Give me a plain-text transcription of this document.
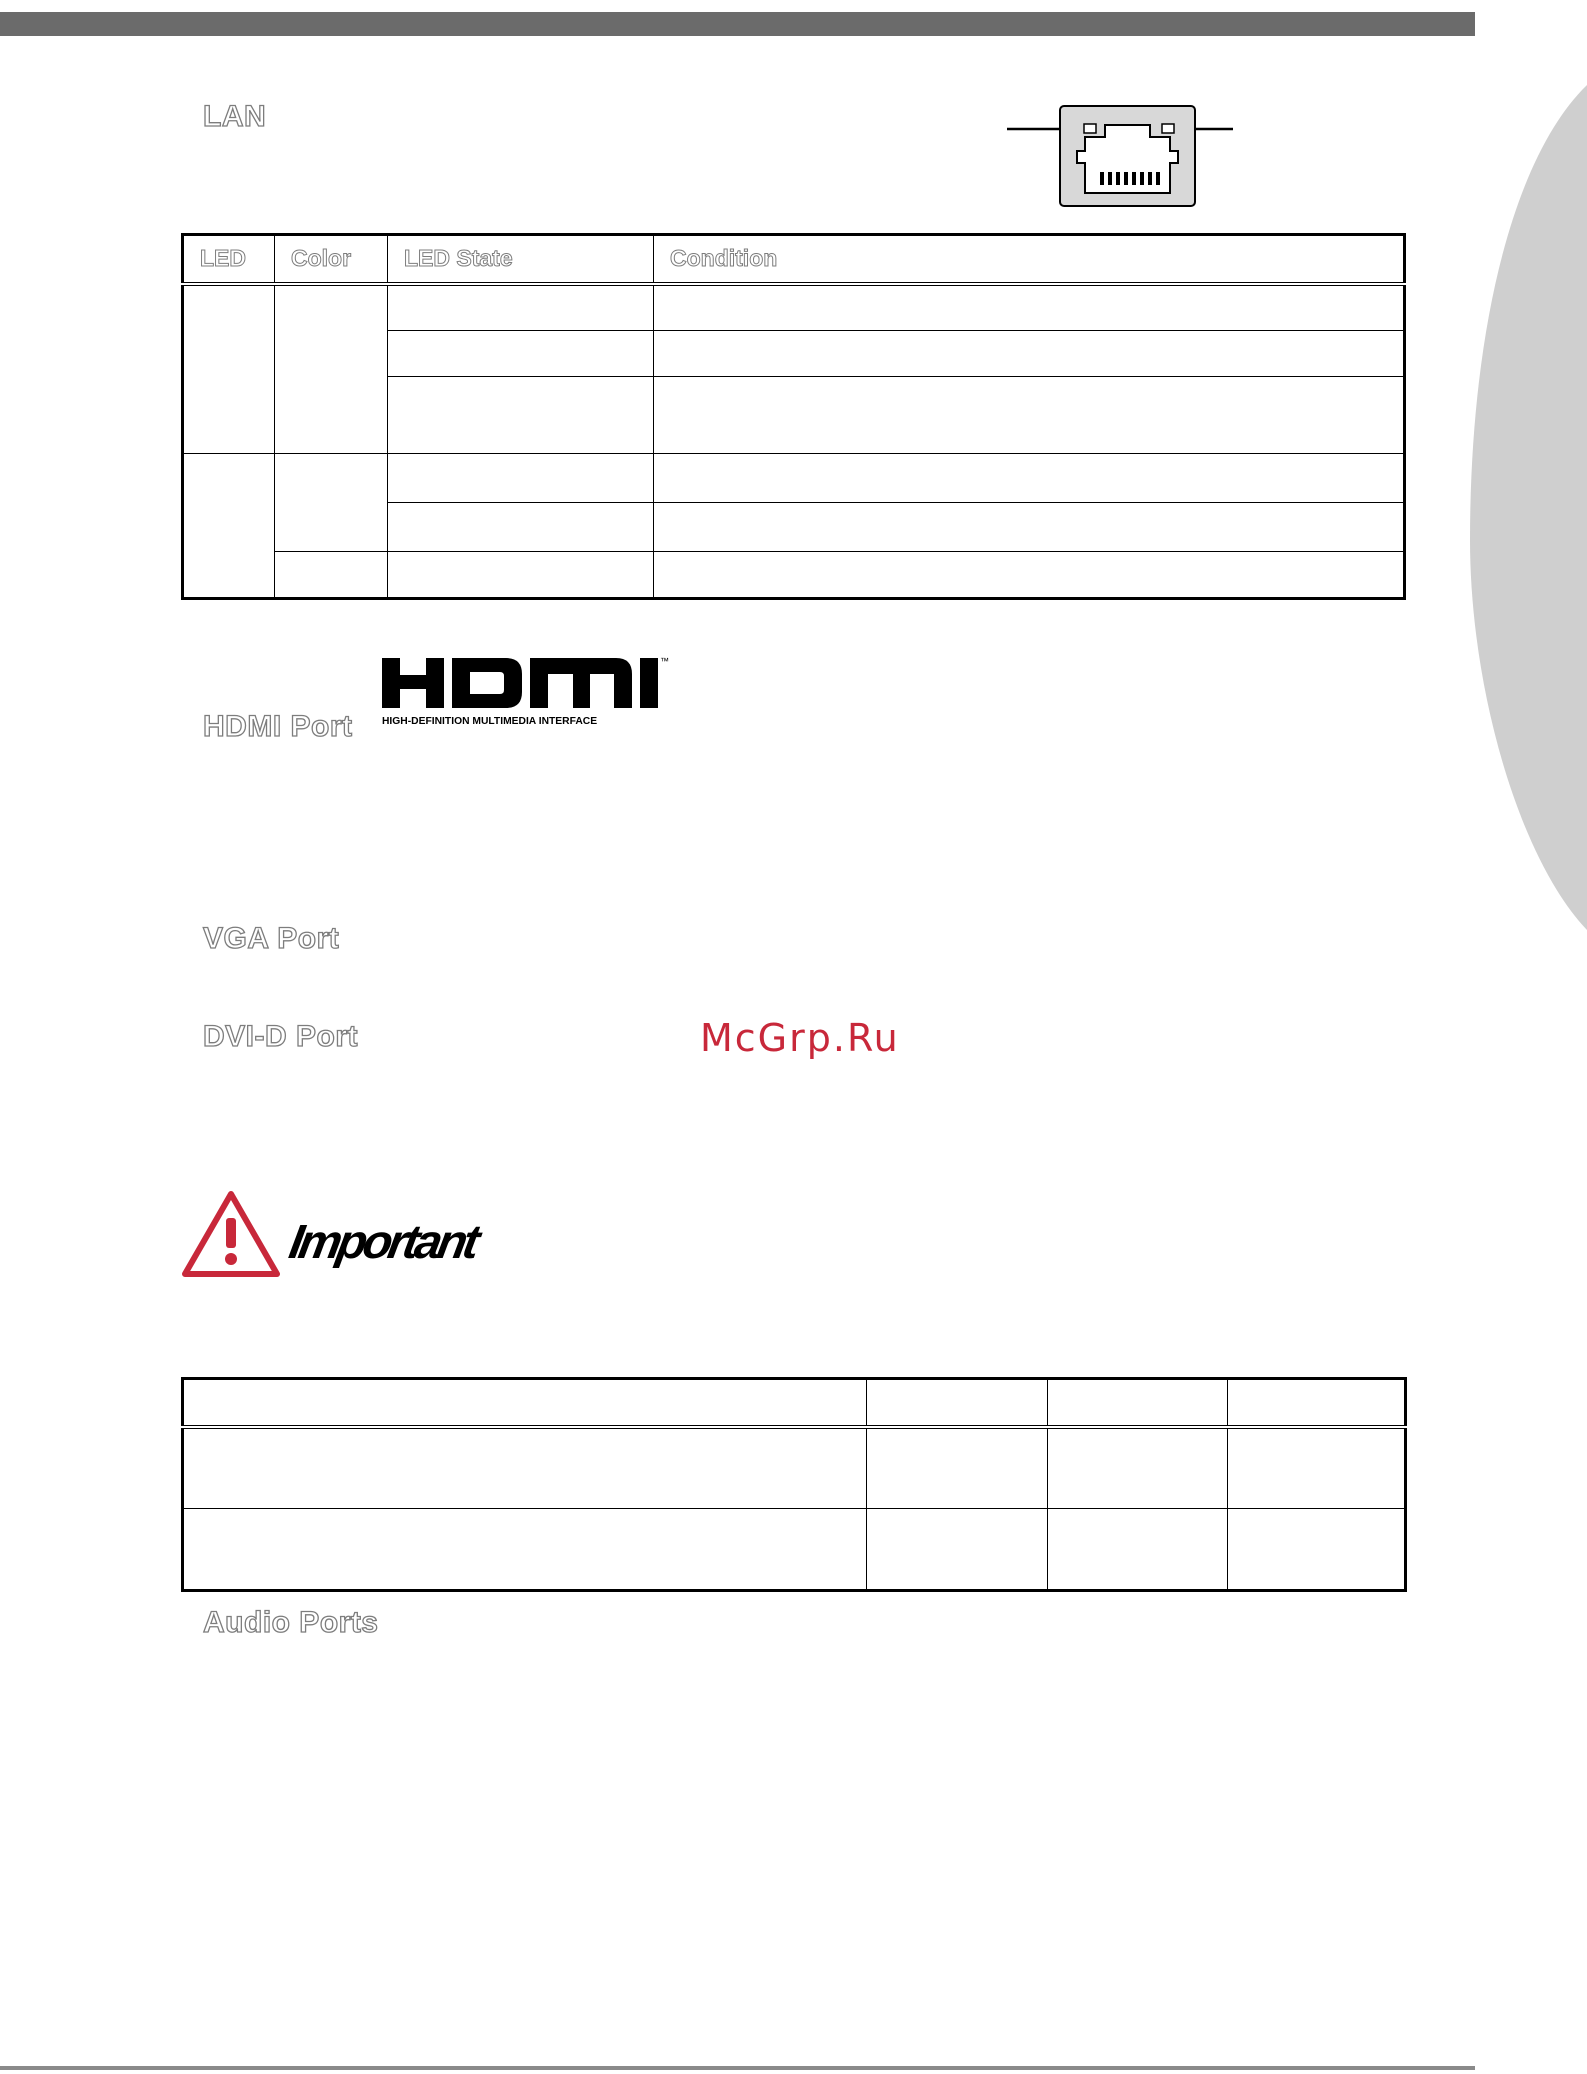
LAN
LED	Color	LED State	Condition

HDMI Port
™
HIGH-DEFINITION MULTIMEDIA INTERFACE
VGA Port
DVI-D Port	McGrp.Ru
Important

Audio Ports
